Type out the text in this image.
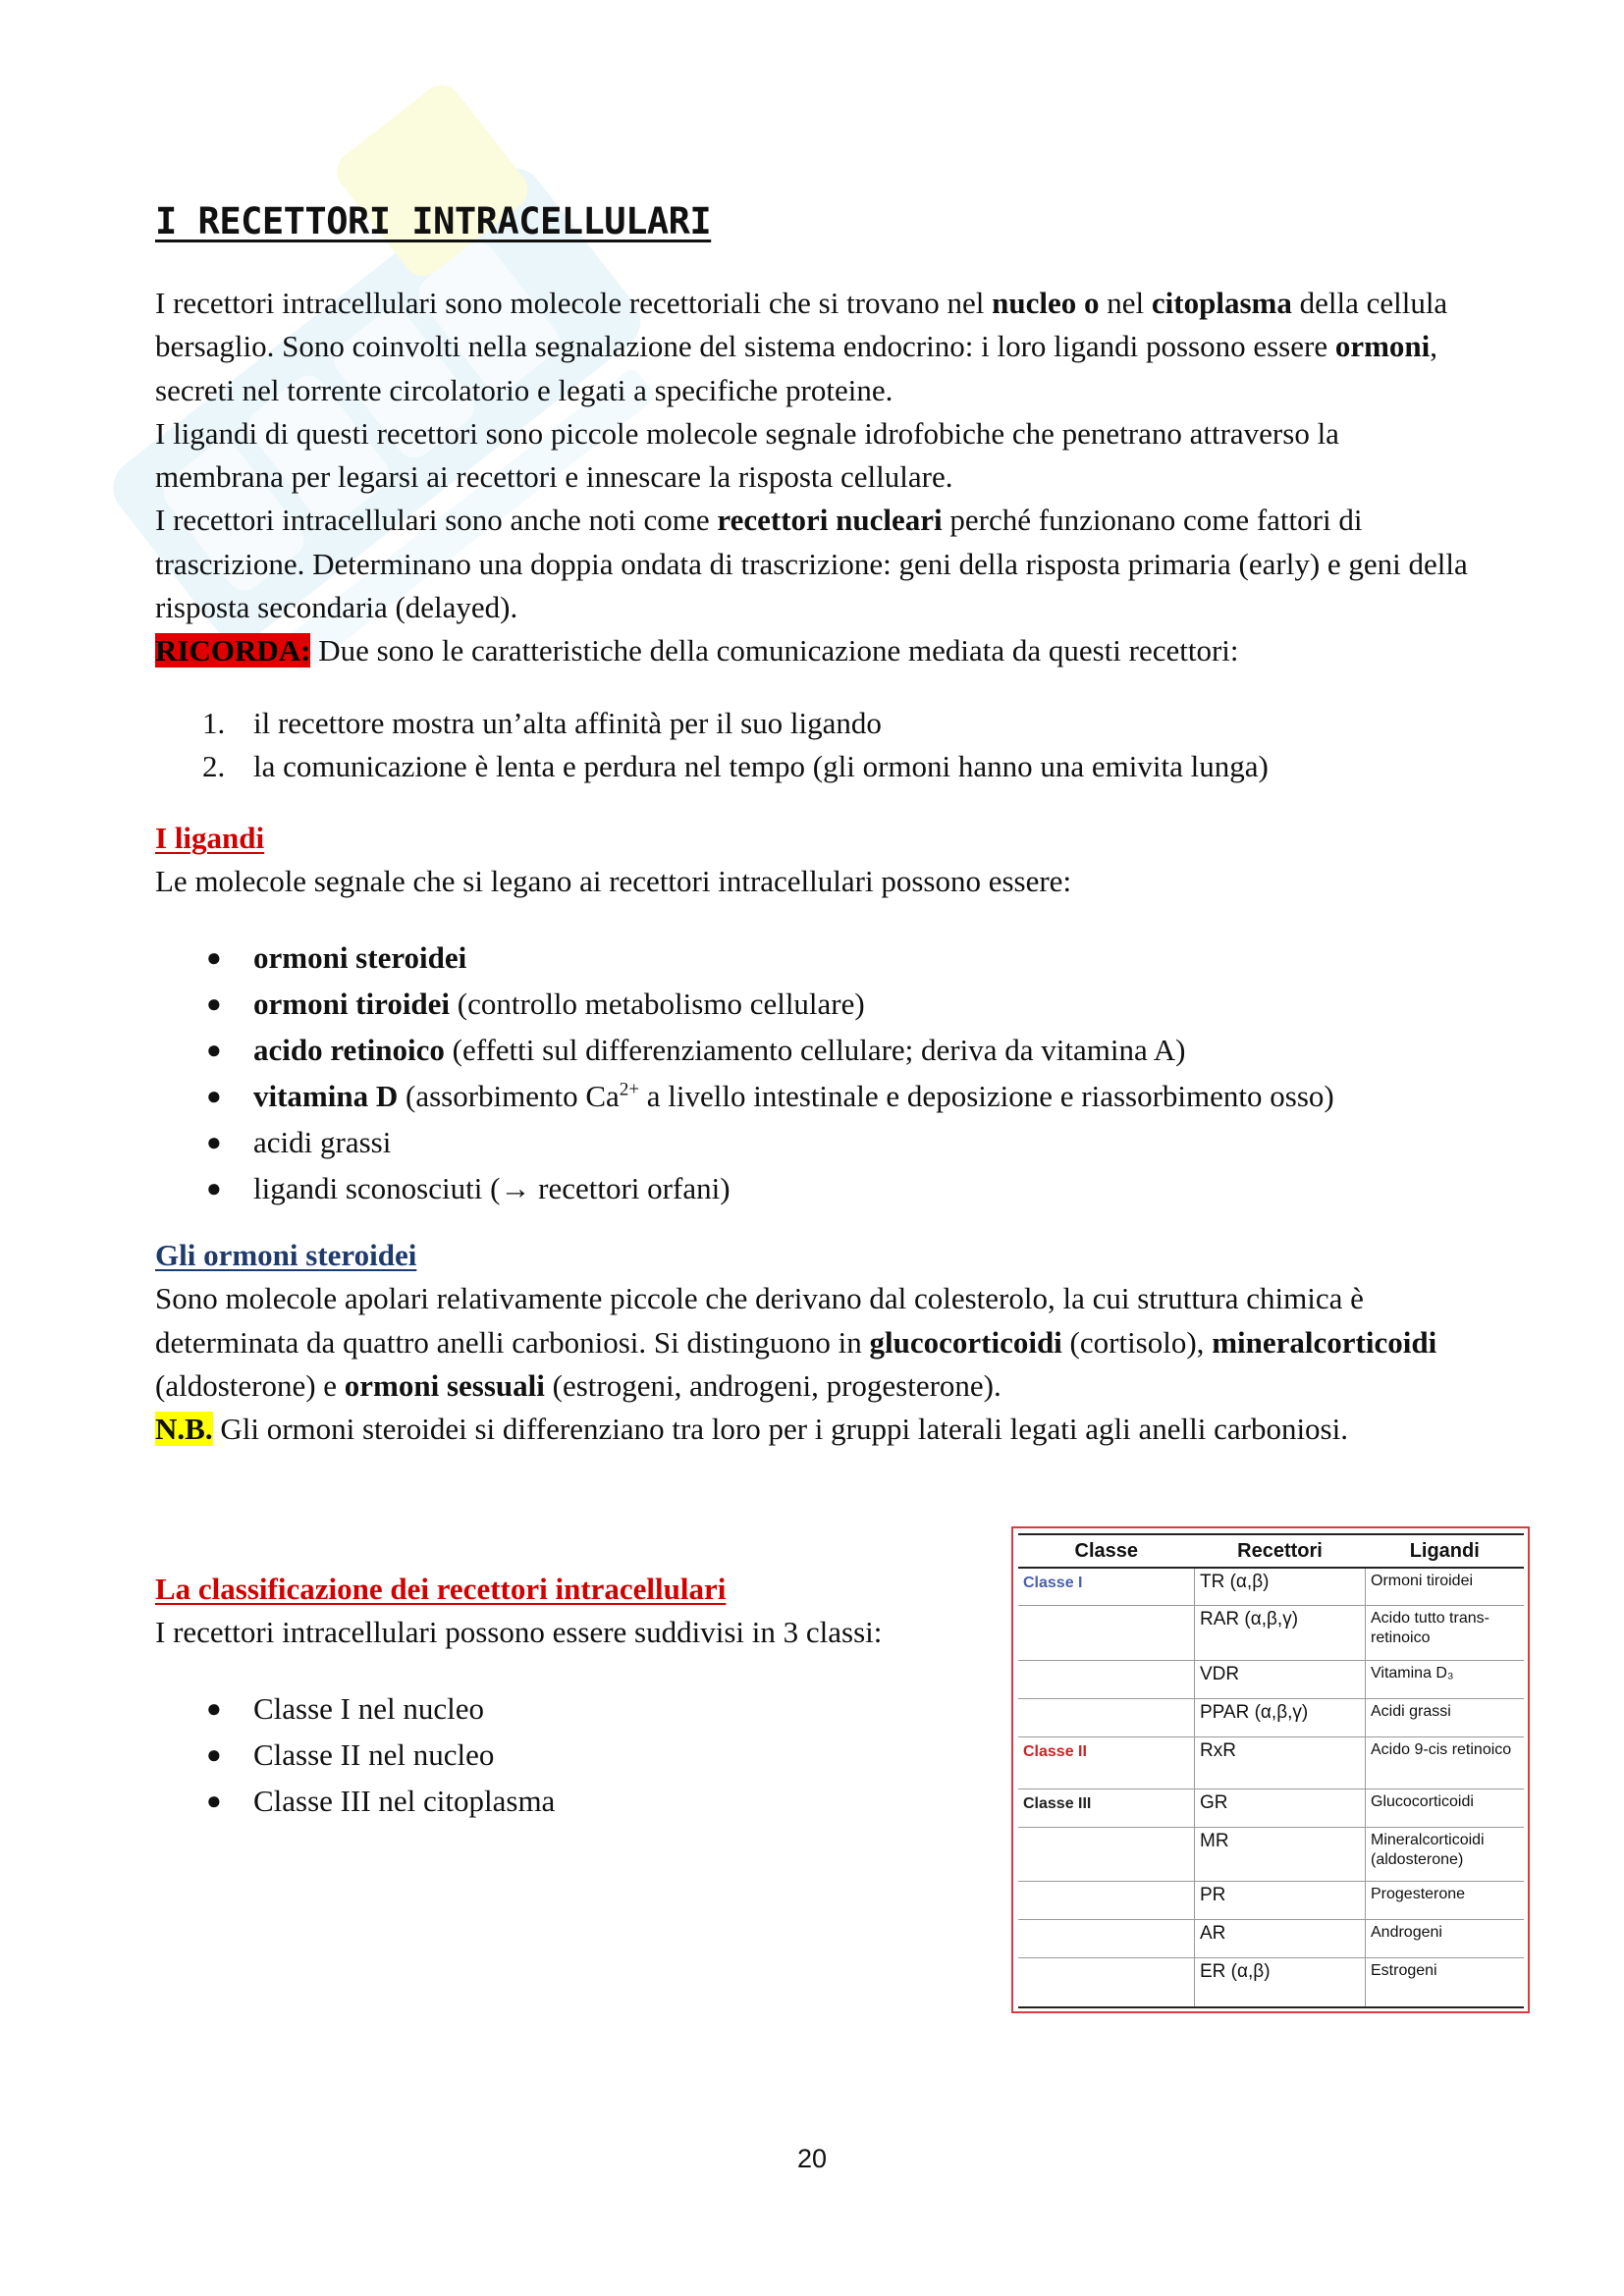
I RECETTORI INTRACELLULARI

I recettori intracellulari sono molecole recettoriali che si trovano nel nucleo o nel citoplasma della cellula bersaglio. Sono coinvolti nella segnalazione del sistema endocrino: i loro ligandi possono essere ormoni, secreti nel torrente circolatorio e legati a specifiche proteine.

I ligandi di questi recettori sono piccole molecole segnale idrofobiche che penetrano attraverso la membrana per legarsi ai recettori e innescare la risposta cellulare.

I recettori intracellulari sono anche noti come recettori nucleari perché funzionano come fattori di trascrizione. Determinano una doppia ondata di trascrizione: geni della risposta primaria (early) e geni della risposta secondaria (delayed).

RICORDA: Due sono le caratteristiche della comunicazione mediata da questi recettori:

1. il recettore mostra un’alta affinità per il suo ligando
2. la comunicazione è lenta e perdura nel tempo (gli ormoni hanno una emivita lunga)

I ligandi

Le molecole segnale che si legano ai recettori intracellulari possono essere:

● ormoni steroidei
● ormoni tiroidei (controllo metabolismo cellulare)
● acido retinoico (effetti sul differenziamento cellulare; deriva da vitamina A)
● vitamina D (assorbimento $Ca^{2+}$ a livello intestinale e deposizione e riassorbimento osso)
● acidi grassi
● ligandi sconosciuti (→ recettori orfani)

Gli ormoni steroidei

Sono molecole apolari relativamente piccole che derivano dal colesterolo, la cui struttura chimica è determinata da quattro anelli carboniosi. Si distinguono in glucocorticoidi (cortisolo), mineralcorticoidi (aldosterone) e ormoni sessuali (estrogeni, androgeni, progesterone).

N.B. Gli ormoni steroidei si differenziano tra loro per i gruppi laterali legati agli anelli carboniosi.

La classificazione dei recettori intracellulari

I recettori intracellulari possono essere suddivisi in 3 classi:

● Classe I nel nucleo
● Classe II nel nucleo
● Classe III nel citoplasma
Classe	Recettori	Ligandi
Classe I	TR (α,β)	Ormoni tiroidei
	RAR (α,β,γ)	Acido tutto trans-retinoico
	VDR	Vitamina D₃
	PPAR (α,β,γ)	Acidi grassi
Classe II	RxR	Acido 9-cis retinoico
Classe III	GR	Glucocorticoidi
	MR	Mineralcorticoidi (aldosterone)
	PR	Progesterone
	AR	Androgeni
	ER (α,β)	Estrogeni
20
